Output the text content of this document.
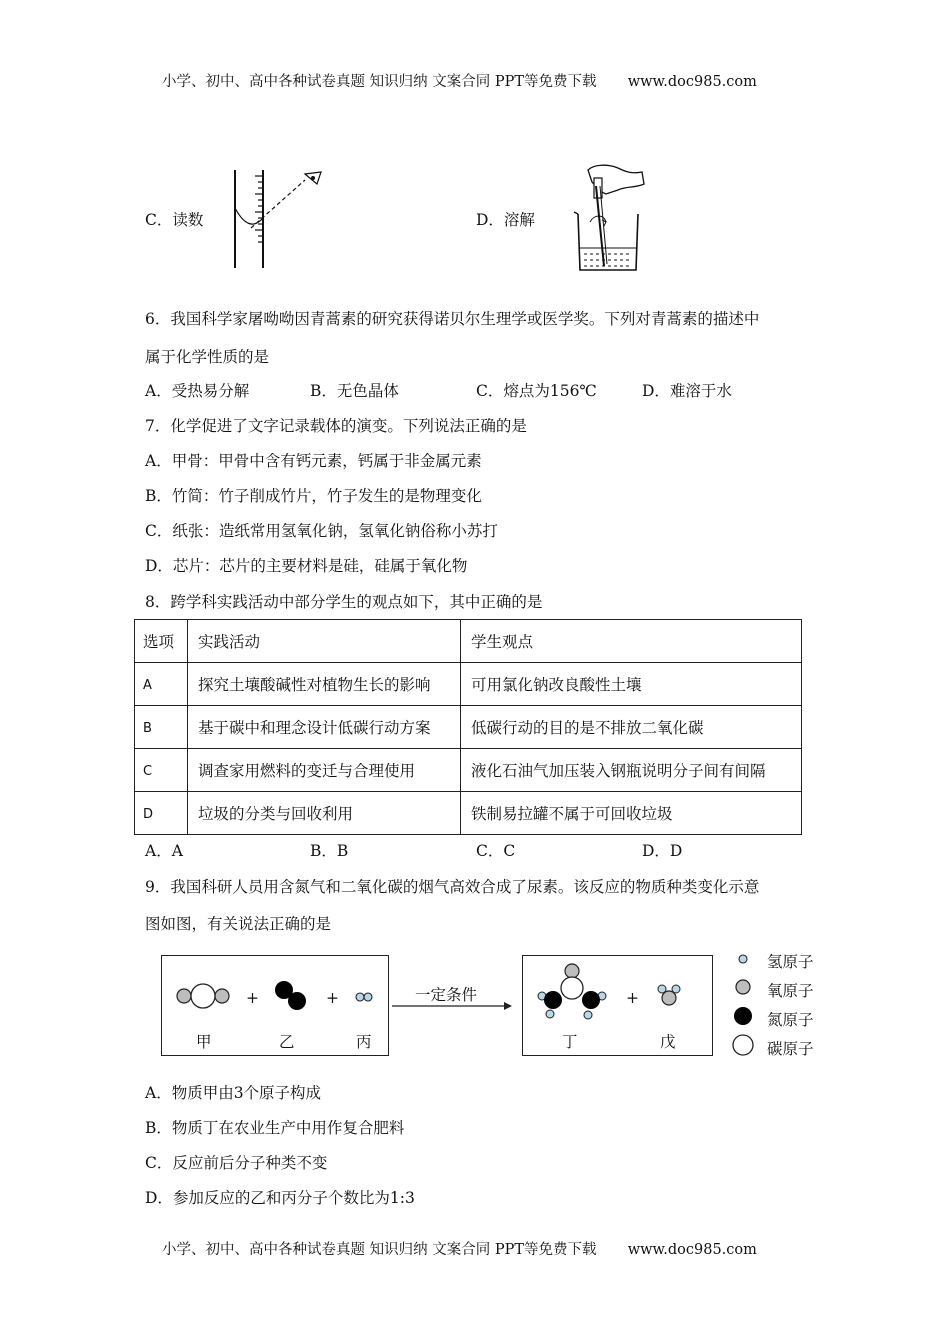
小学、初中、高中各种试卷真题 知识归纳 文案合同 PPT等免费下载 www.doc985.com
C．读数	D．溶解
6．我国科学家屠呦呦因青蒿素的研究获得诺贝尔生理学或医学奖。下列对青蒿素的描述中
属于化学性质的是
A．受热易分解	B．无色晶体	C．熔点为156℃	D．难溶于水
7．化学促进了文字记录载体的演变。下列说法正确的是
A．甲骨：甲骨中含有钙元素，钙属于非金属元素
B．竹简：竹子削成竹片，竹子发生的是物理变化
C．纸张：造纸常用氢氧化钠，氢氧化钠俗称小苏打
D．芯片：芯片的主要材料是硅，硅属于氧化物
8．跨学科实践活动中部分学生的观点如下，其中正确的是
选项	实践活动	学生观点
A	探究土壤酸碱性对植物生长的影响	可用氯化钠改良酸性土壤
B	基于碳中和理念设计低碳行动方案	低碳行动的目的是不排放二氧化碳
C	调查家用燃料的变迁与合理使用	液化石油气加压装入钢瓶说明分子间有间隔
D	垃圾的分类与回收利用	铁制易拉罐不属于可回收垃圾
A．A	B．B	C．C	D．D
9．我国科研人员用含氮气和二氧化碳的烟气高效合成了尿素。该反应的物质种类变化示意
图如图，有关说法正确的是
+	+	+
一定条件
甲	乙	丙	丁	戊
氢原子
氧原子
氮原子
碳原子
A．物质甲由3个原子构成
B．物质丁在农业生产中用作复合肥料
C．反应前后分子种类不变
D．参加反应的乙和丙分子个数比为1:3
小学、初中、高中各种试卷真题 知识归纳 文案合同 PPT等免费下载 www.doc985.com
